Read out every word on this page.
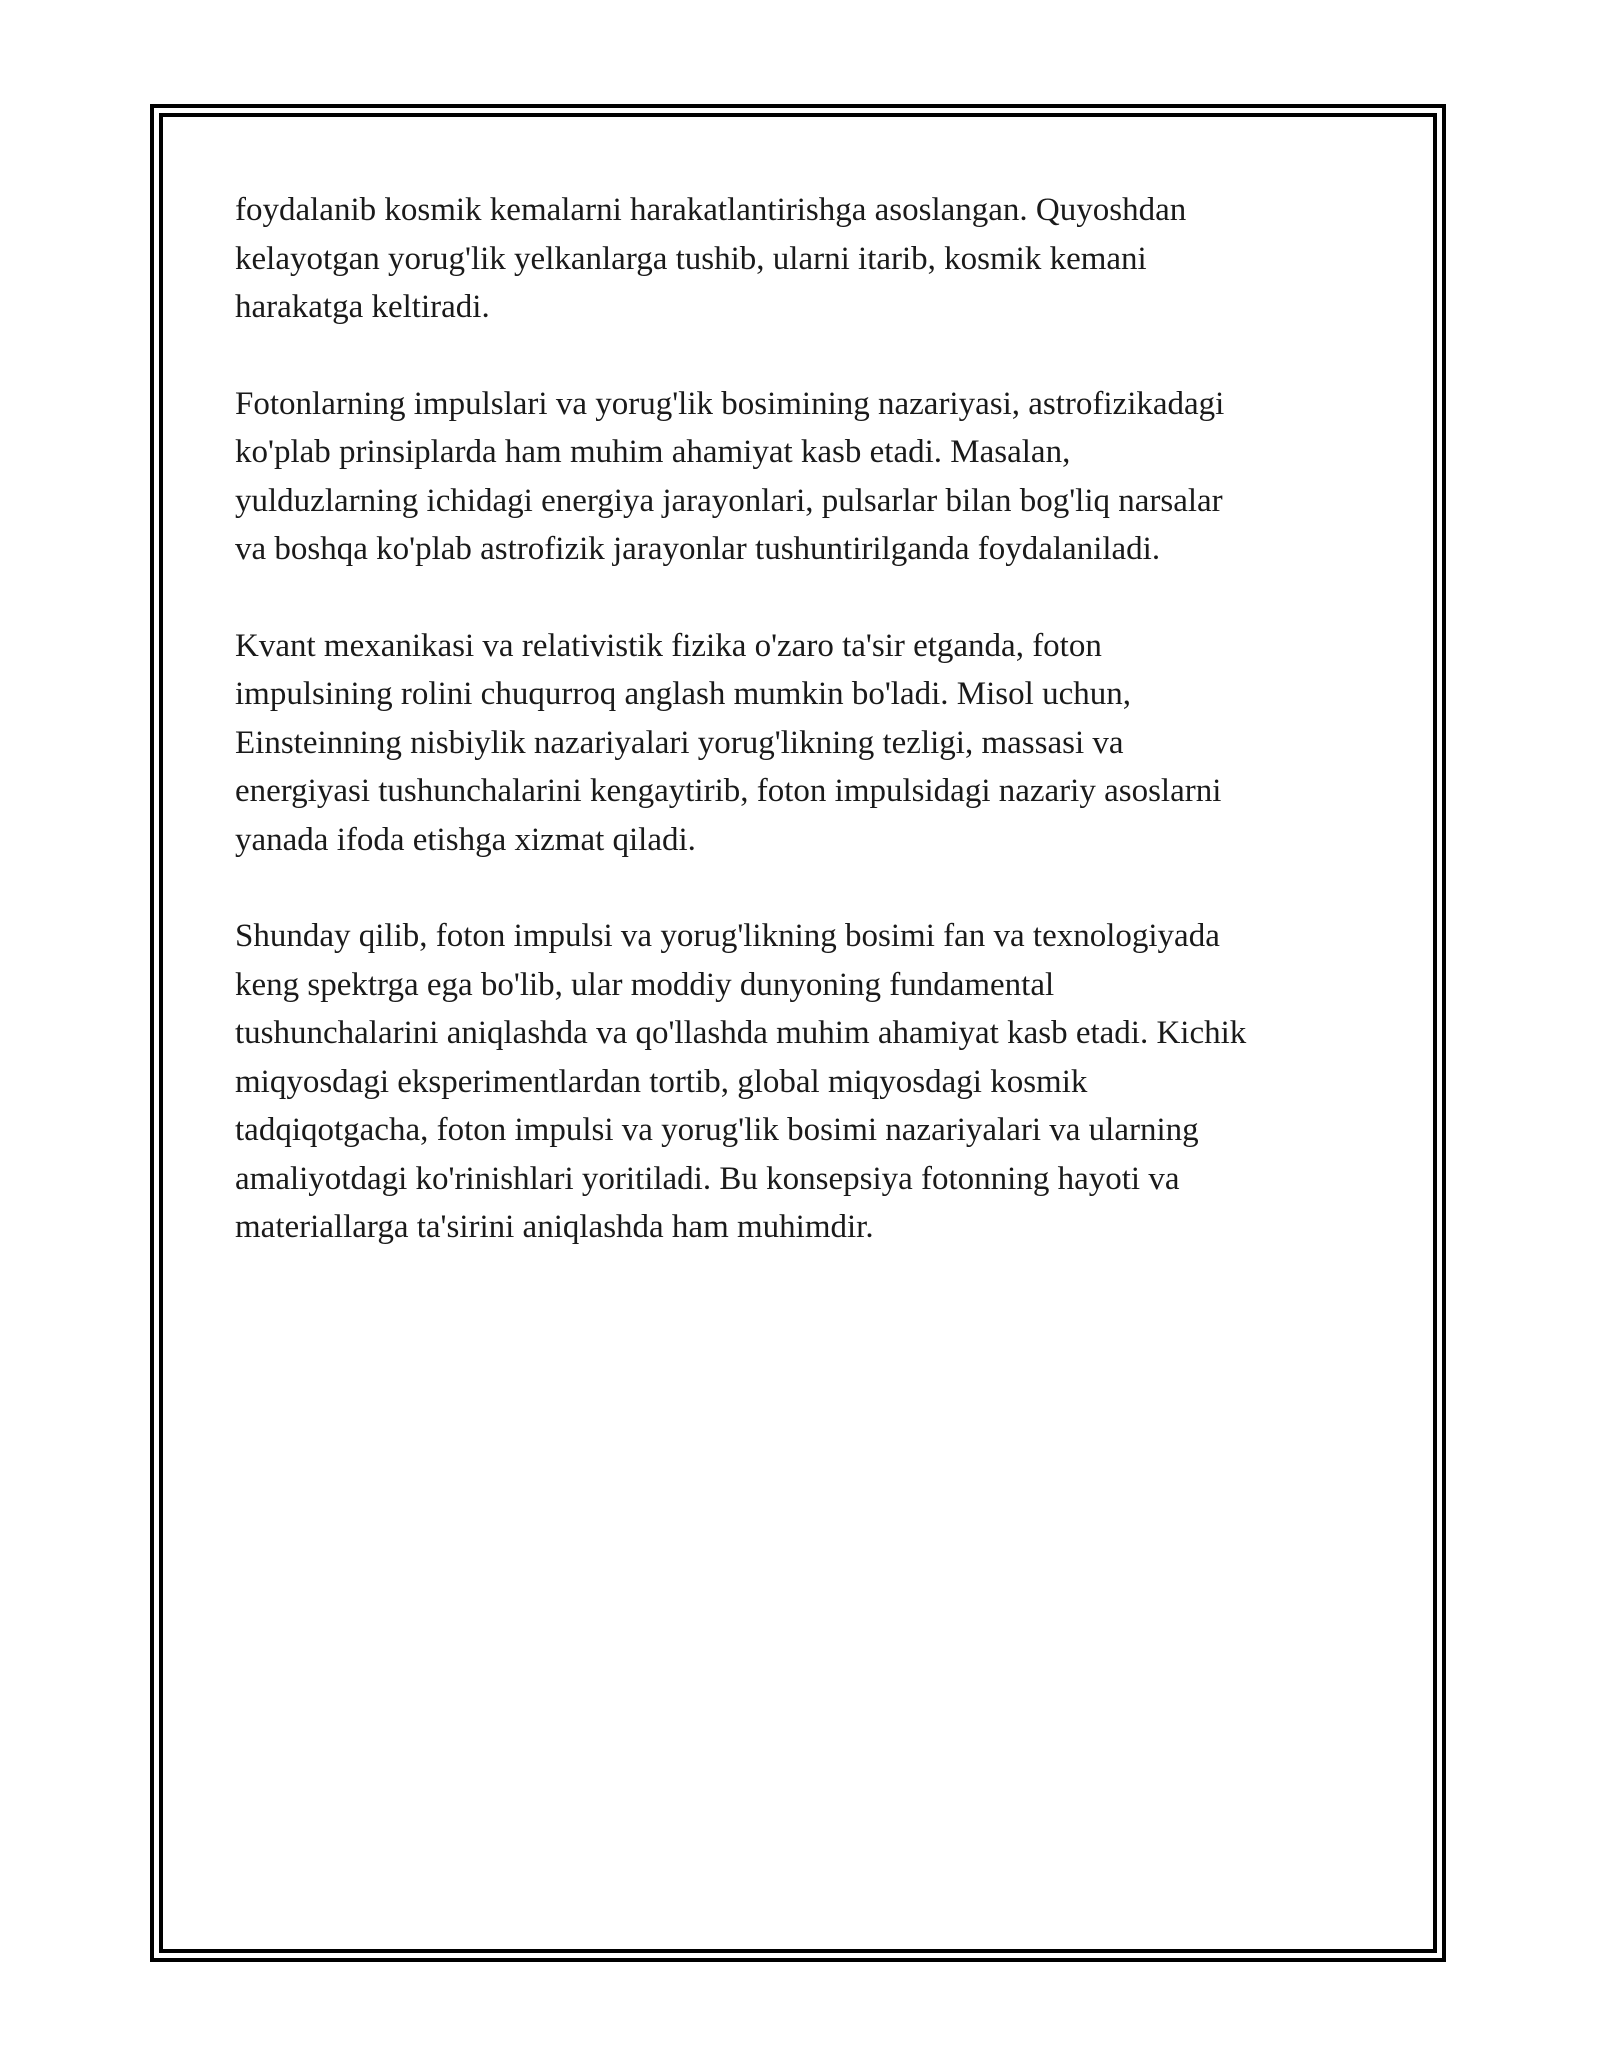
foydalanib kosmik kemalarni harakatlantirishga asoslangan. Quyoshdan
kelayotgan yorug'lik yelkanlarga tushib, ularni itarib, kosmik kemani
harakatga keltiradi.

Fotonlarning impulslari va yorug'lik bosimining nazariyasi, astrofizikadagi
ko'plab prinsiplarda ham muhim ahamiyat kasb etadi. Masalan,
yulduzlarning ichidagi energiya jarayonlari, pulsarlar bilan bog'liq narsalar
va boshqa ko'plab astrofizik jarayonlar tushuntirilganda foydalaniladi.

Kvant mexanikasi va relativistik fizika o'zaro ta'sir etganda, foton
impulsining rolini chuqurroq anglash mumkin bo'ladi. Misol uchun,
Einsteinning nisbiylik nazariyalari yorug'likning tezligi, massasi va
energiyasi tushunchalarini kengaytirib, foton impulsidagi nazariy asoslarni
yanada ifoda etishga xizmat qiladi.

Shunday qilib, foton impulsi va yorug'likning bosimi fan va texnologiyada
keng spektrga ega bo'lib, ular moddiy dunyoning fundamental
tushunchalarini aniqlashda va qo'llashda muhim ahamiyat kasb etadi. Kichik
miqyosdagi eksperimentlardan tortib, global miqyosdagi kosmik
tadqiqotgacha, foton impulsi va yorug'lik bosimi nazariyalari va ularning
amaliyotdagi ko'rinishlari yoritiladi. Bu konsepsiya fotonning hayoti va
materiallarga ta'sirini aniqlashda ham muhimdir.
